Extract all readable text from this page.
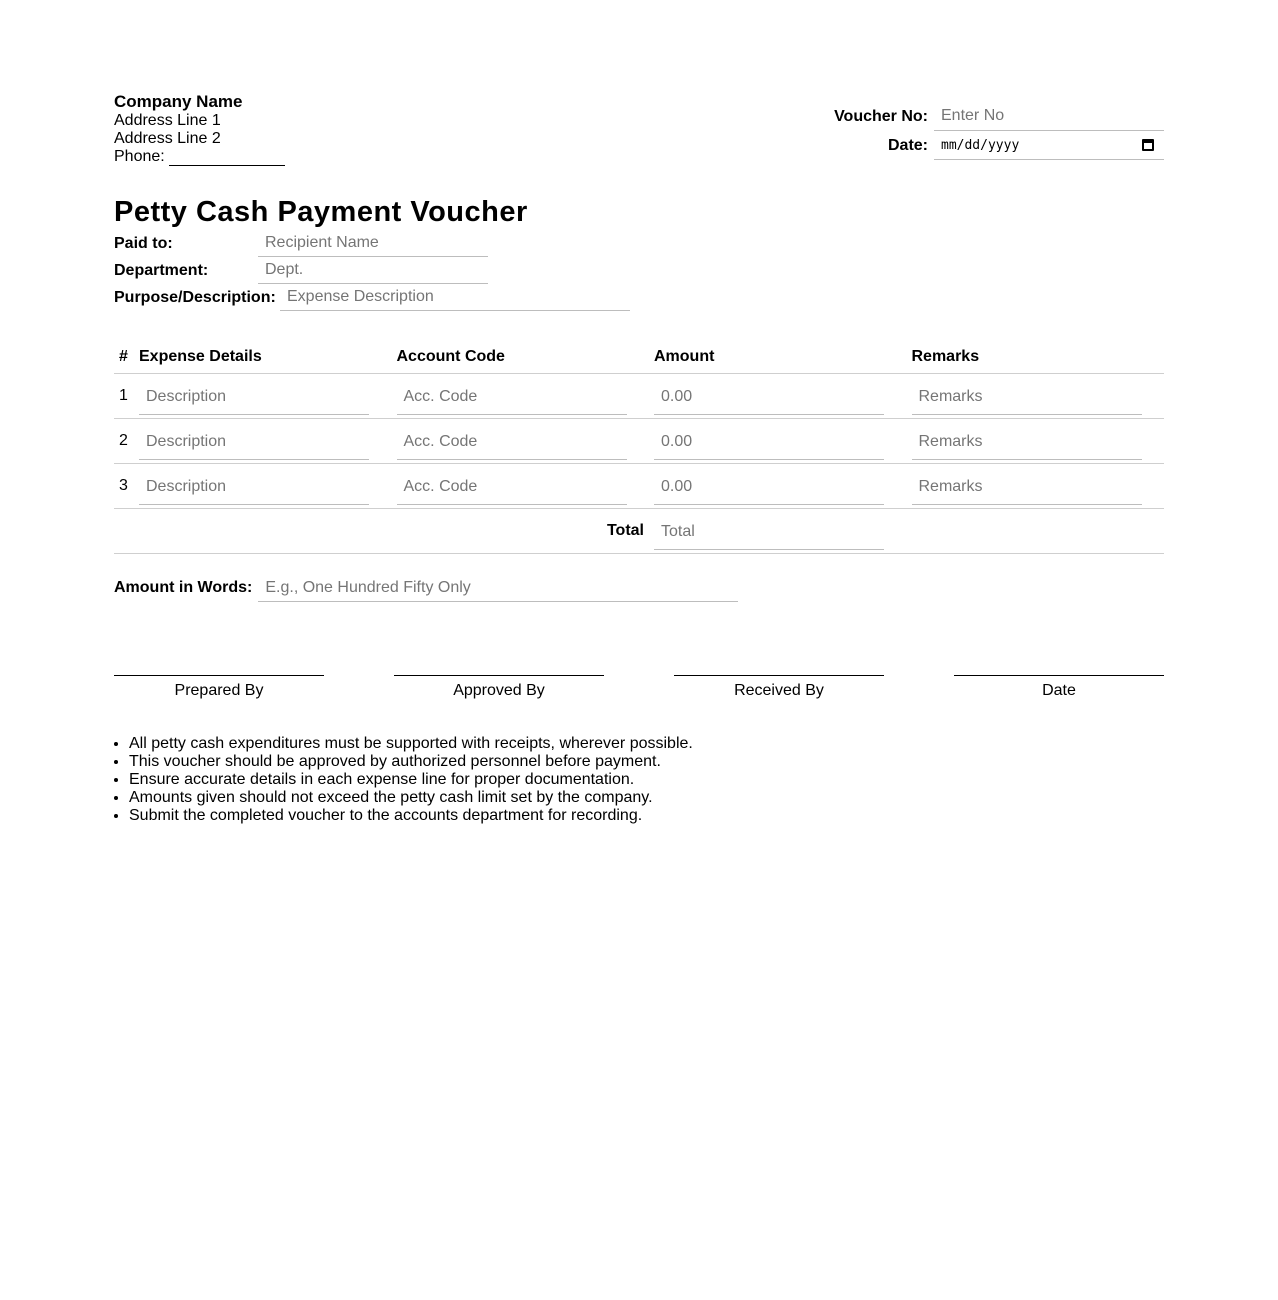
Company Name
Address Line 1
Address Line 2
Phone:
Voucher No: Enter No
Date: mm/dd/yyyy
Petty Cash Payment Voucher
Paid to:	Recipient Name
Department:	Dept.
Purpose/Description: Expense Description
# Expense Details	Account Code	Amount	Remarks
1	Description	Acc. Code	0.00	Remarks
2	Description	Acc. Code	0.00	Remarks
3	Description	Acc. Code	0.00	Remarks
Total	Total
Amount in Words: E.g., One Hundred Fifty Only
Prepared By	Approved By	Received By	Date
• All petty cash expenditures must be supported with receipts, wherever possible.
• This voucher should be approved by authorized personnel before payment.
• Ensure accurate details in each expense line for proper documentation.
• Amounts given should not exceed the petty cash limit set by the company.
• Submit the completed voucher to the accounts department for recording.
